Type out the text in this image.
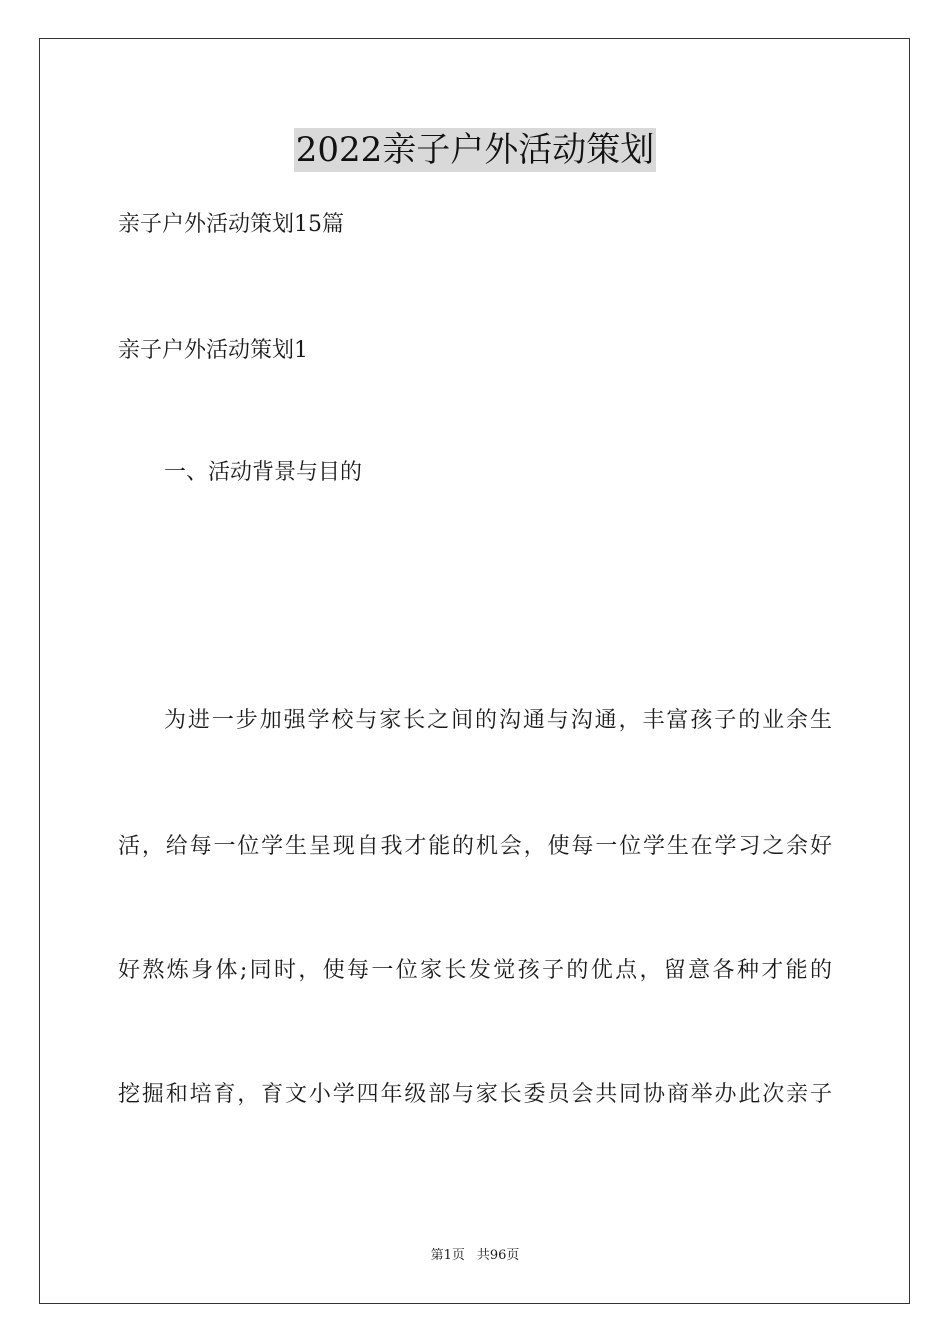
2022亲子户外活动策划
亲子户外活动策划15篇
亲子户外活动策划1
一、活动背景与目的
为进一步加强学校与家长之间的沟通与沟通，丰富孩子的业余生
活，给每一位学生呈现自我才能的机会，使每一位学生在学习之余好
好熬炼身体;同时，使每一位家长发觉孩子的优点，留意各种才能的
挖掘和培育，育文小学四年级部与家长委员会共同协商举办此次亲子
第1页 共96页
